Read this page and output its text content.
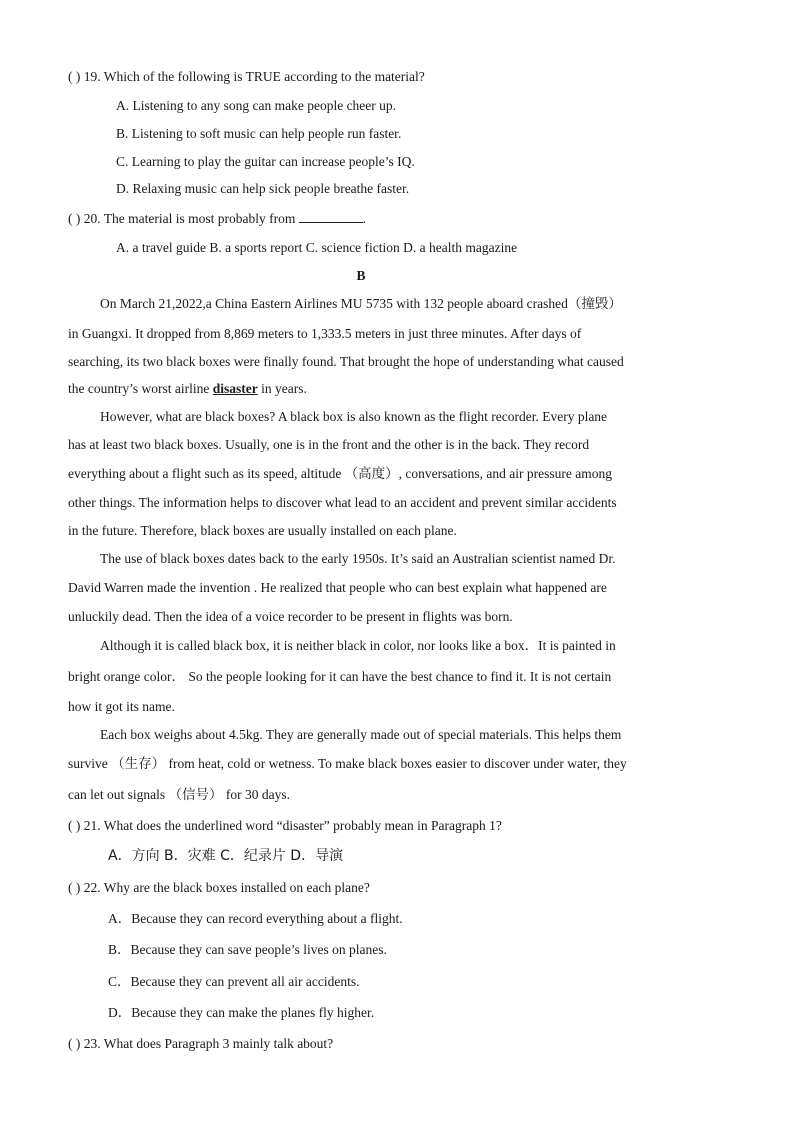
( ) 19. Which of the following is TRUE according to the material?
A. Listening to any song can make people cheer up.
B. Listening to soft music can help people run faster.
C. Learning to play the guitar can increase people’s IQ.
D. Relaxing music can help sick people breathe faster.
( ) 20. The material is most probably from	.
A. a travel guide B. a sports report C. science fiction D. a health magazine
B
On March 21,2022,a China Eastern Airlines MU 5735 with 132 people aboard crashed（撞毁）
in Guangxi. It dropped from 8,869 meters to 1,333.5 meters in just three minutes. After days of
searching, its two black boxes were finally found. That brought the hope of understanding what caused
the country’s worst airline disaster in years.
However, what are black boxes? A black box is also known as the flight recorder. Every plane
has at least two black boxes. Usually, one is in the front and the other is in the back. They record
everything about a flight such as its speed, altitude （高度）, conversations, and air pressure among
other things. The information helps to discover what lead to an accident and prevent similar accidents
in the future. Therefore, black boxes are usually installed on each plane.
The use of black boxes dates back to the early 1950s. It’s said an Australian scientist named Dr.
David Warren made the invention . He realized that people who can best explain what happened are
unluckily dead. Then the idea of a voice recorder to be present in flights was born.
Although it is called black box, it is neither black in color, nor looks like a box．It is painted in
bright orange color． So the people looking for it can have the best chance to find it. It is not certain
how it got its name.
Each box weighs about 4.5kg. They are generally made out of special materials. This helps them
survive （生存） from heat, cold or wetness. To make black boxes easier to discover under water, they
can let out signals （信号） for 30 days.
( ) 21. What does the underlined word “disaster” probably mean in Paragraph 1?
A．方向 B．灾难 C．纪录片 D．导演
( ) 22. Why are the black boxes installed on each plane?
A．Because they can record everything about a flight.
B．Because they can save people’s lives on planes.
C．Because they can prevent all air accidents.
D．Because they can make the planes fly higher.
( ) 23. What does Paragraph 3 mainly talk about?
